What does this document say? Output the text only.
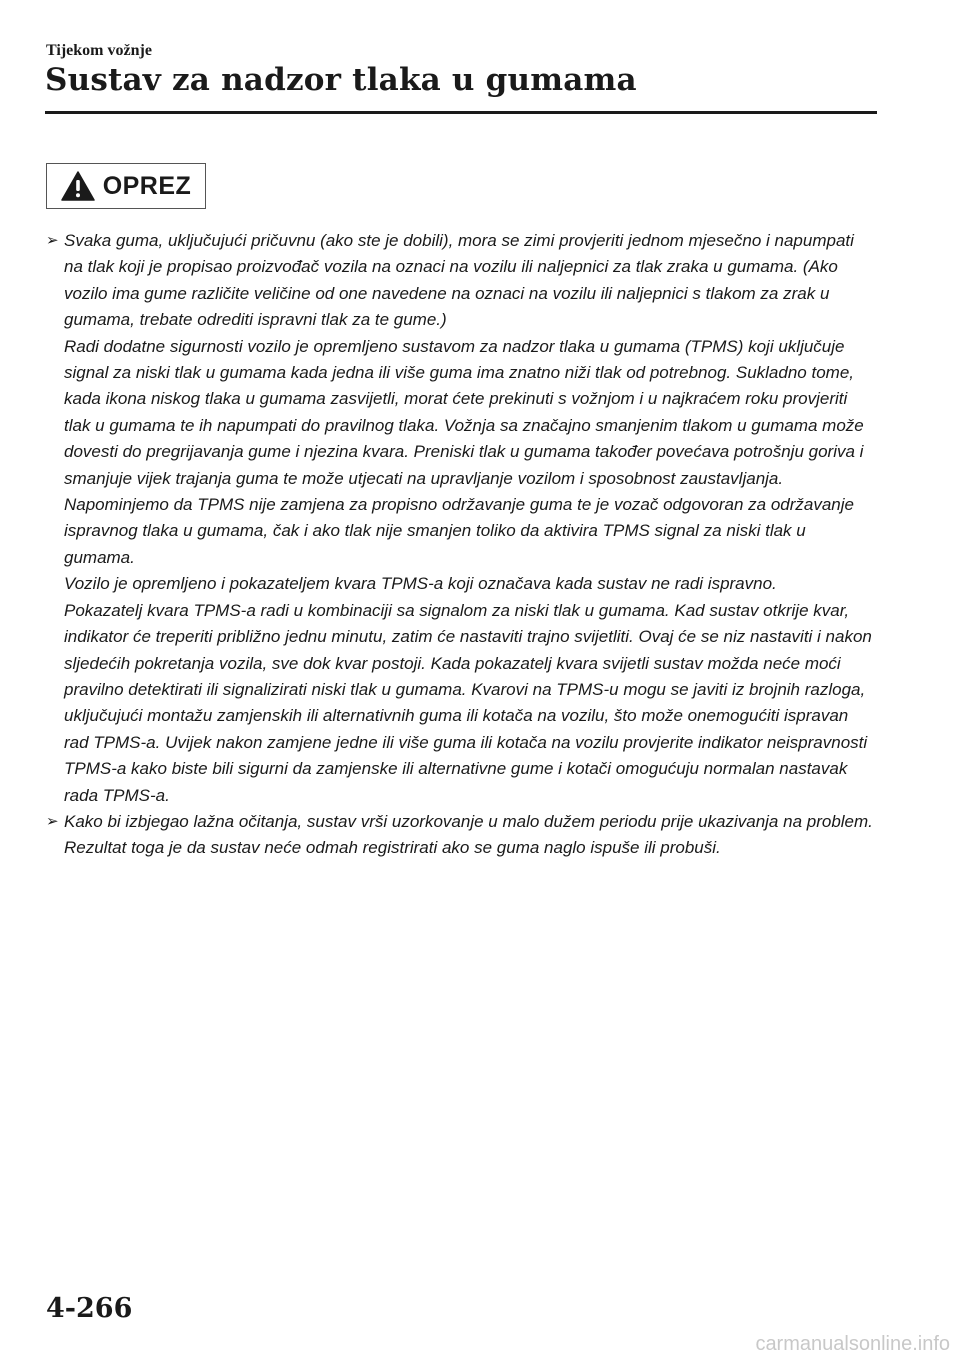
Tijekom vožnje
Sustav za nadzor tlaka u gumama
OPREZ
➢ Svaka guma, uključujući pričuvnu (ako ste je dobili), mora se zimi provjeriti jednom mjesečno i napumpati na tlak koji je propisao proizvođač vozila na oznaci na vozilu ili naljepnici za tlak zraka u gumama. (Ako vozilo ima gume različite veličine od one navedene na oznaci na vozilu ili naljepnici s tlakom za zrak u gumama, trebate odrediti ispravni tlak za te gume.)

Radi dodatne sigurnosti vozilo je opremljeno sustavom za nadzor tlaka u gumama (TPMS) koji uključuje signal za niski tlak u gumama kada jedna ili više guma ima znatno niži tlak od potrebnog. Sukladno tome, kada ikona niskog tlaka u gumama zasvijetli, morat ćete prekinuti s vožnjom i u najkraćem roku provjeriti tlak u gumama te ih napumpati do pravilnog tlaka. Vožnja sa značajno smanjenim tlakom u gumama može dovesti do pregrijavanja gume i njezina kvara. Preniski tlak u gumama također povećava potrošnju goriva i smanjuje vijek trajanja guma te može utjecati na upravljanje vozilom i sposobnost zaustavljanja.

Napominjemo da TPMS nije zamjena za propisno održavanje guma te je vozač odgovoran za održavanje ispravnog tlaka u gumama, čak i ako tlak nije smanjen toliko da aktivira TPMS signal za niski tlak u gumama.

Vozilo je opremljeno i pokazateljem kvara TPMS-a koji označava kada sustav ne radi ispravno.

Pokazatelj kvara TPMS-a radi u kombinaciji sa signalom za niski tlak u gumama. Kad sustav otkrije kvar, indikator će treperiti približno jednu minutu, zatim će nastaviti trajno svijetliti. Ovaj će se niz nastaviti i nakon sljedećih pokretanja vozila, sve dok kvar postoji. Kada pokazatelj kvara svijetli sustav možda neće moći pravilno detektirati ili signalizirati niski tlak u gumama. Kvarovi na TPMS-u mogu se javiti iz brojnih razloga, uključujući montažu zamjenskih ili alternativnih guma ili kotača na vozilu, što može onemogućiti ispravan rad TPMS-a. Uvijek nakon zamjene jedne ili više guma ili kotača na vozilu provjerite indikator neispravnosti TPMS-a kako biste bili sigurni da zamjenske ili alternativne gume i kotači omogućuju normalan nastavak rada TPMS-a.

➢ Kako bi izbjegao lažna očitanja, sustav vrši uzorkovanje u malo dužem periodu prije ukazivanja na problem. Rezultat toga je da sustav neće odmah registrirati ako se guma naglo ispuše ili probuši.

4-266
carmanualsonline.info
